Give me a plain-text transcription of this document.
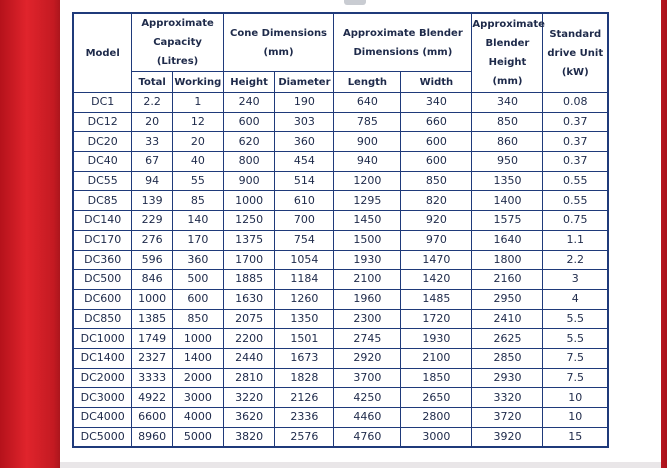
Model	Approximate Capacity (Litres)		Cone Dimensions (mm)		Approximate Blender Dimensions (mm)		Approximate Blender Height (mm)	Standard drive Unit (kW)

	Total	Working	Height	Diameter	Length	Width		
DC1	2.2	1	240	190	640	340	340	0.08
DC12	20	12	600	303	785	660	850	0.37
DC20	33	20	620	360	900	600	860	0.37
DC40	67	40	800	454	940	600	950	0.37
DC55	94	55	900	514	1200	850	1350	0.55
DC85	139	85	1000	610	1295	820	1400	0.55
DC140	229	140	1250	700	1450	920	1575	0.75
DC170	276	170	1375	754	1500	970	1640	1.1
DC360	596	360	1700	1054	1930	1470	1800	2.2
DC500	846	500	1885	1184	2100	1420	2160	3
DC600	1000	600	1630	1260	1960	1485	2950	4
DC850	1385	850	2075	1350	2300	1720	2410	5.5
DC1000	1749	1000	2200	1501	2745	1930	2625	5.5
DC1400	2327	1400	2440	1673	2920	2100	2850	7.5
DC2000	3333	2000	2810	1828	3700	1850	2930	7.5
DC3000	4922	3000	3220	2126	4250	2650	3320	10
DC4000	6600	4000	3620	2336	4460	2800	3720	10
DC5000	8960	5000	3820	2576	4760	3000	3920	15
